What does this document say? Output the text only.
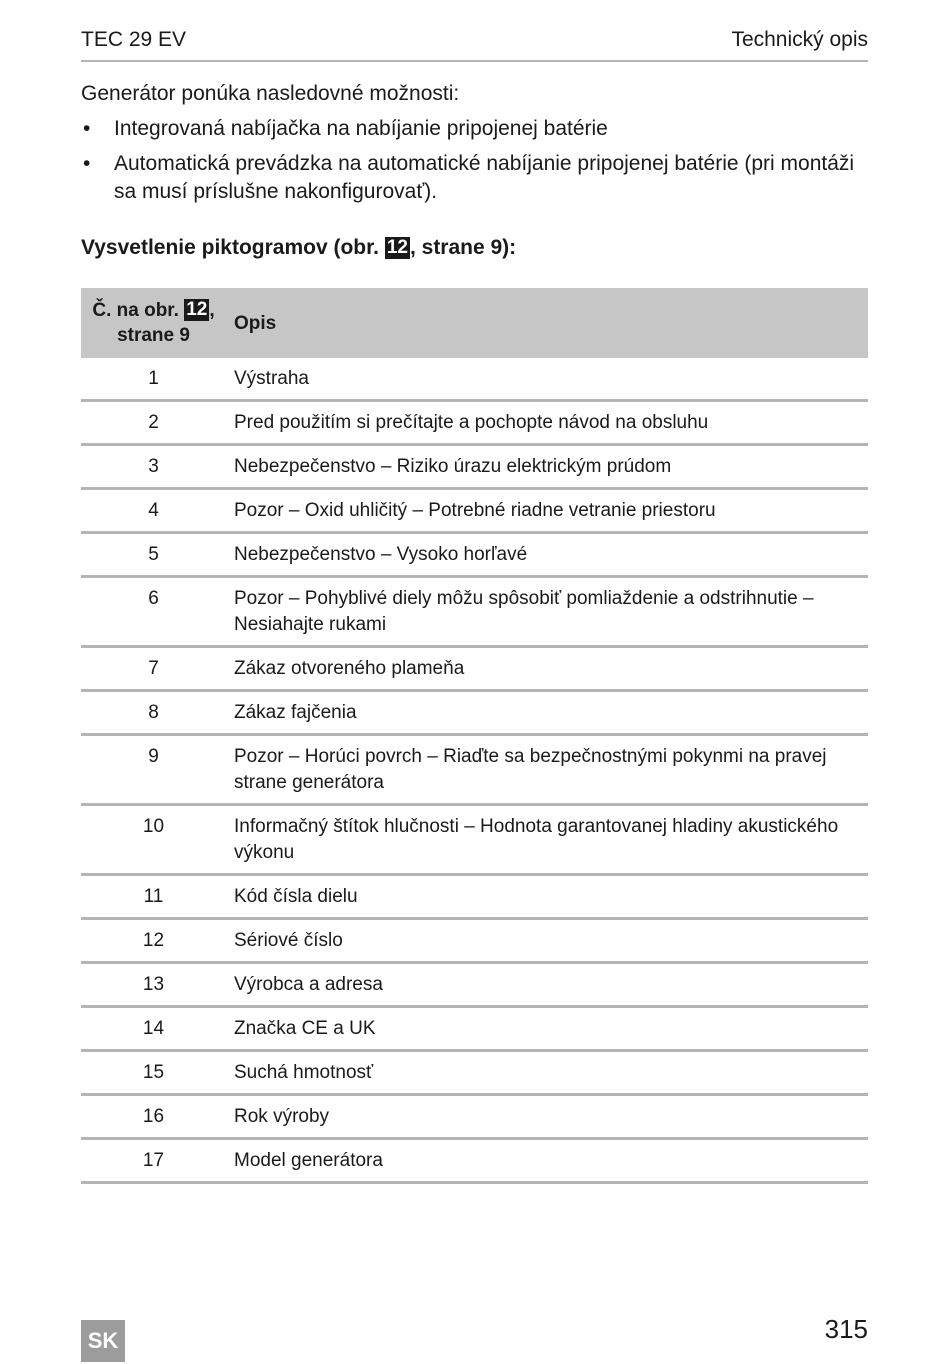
TEC 29 EV	Technický opis
Generátor ponúka nasledovné možnosti:
• Integrovaná nabíjačka na nabíjanie pripojenej batérie
• Automatická prevádzka na automatické nabíjanie pripojenej batérie (pri montáži sa musí príslušne nakonfigurovať).
Vysvetlenie piktogramov (obr. 12, strane 9):
Č. na obr. 12 ,
strane 9	Opis
1	Výstraha
2	Pred použitím si prečítajte a pochopte návod na obsluhu
3	Nebezpečenstvo – Riziko úrazu elektrickým prúdom
4	Pozor – Oxid uhličitý – Potrebné riadne vetranie priestoru
5	Nebezpečenstvo – Vysoko horľavé
6	Pozor – Pohyblivé diely môžu spôsobiť pomliaždenie a odstrihnutie – Nesiahajte rukami
7	Zákaz otvoreného plameňa
8	Zákaz fajčenia
9	Pozor – Horúci povrch – Riaďte sa bezpečnostnými pokynmi na pravej strane generátora
10	Informačný štítok hlučnosti – Hodnota garantovanej hladiny akustického výkonu
11	Kód čísla dielu
12	Sériové číslo
13	Výrobca a adresa
14	Značka CE a UK
15	Suchá hmotnosť
16	Rok výroby
17	Model generátora
SK	315
